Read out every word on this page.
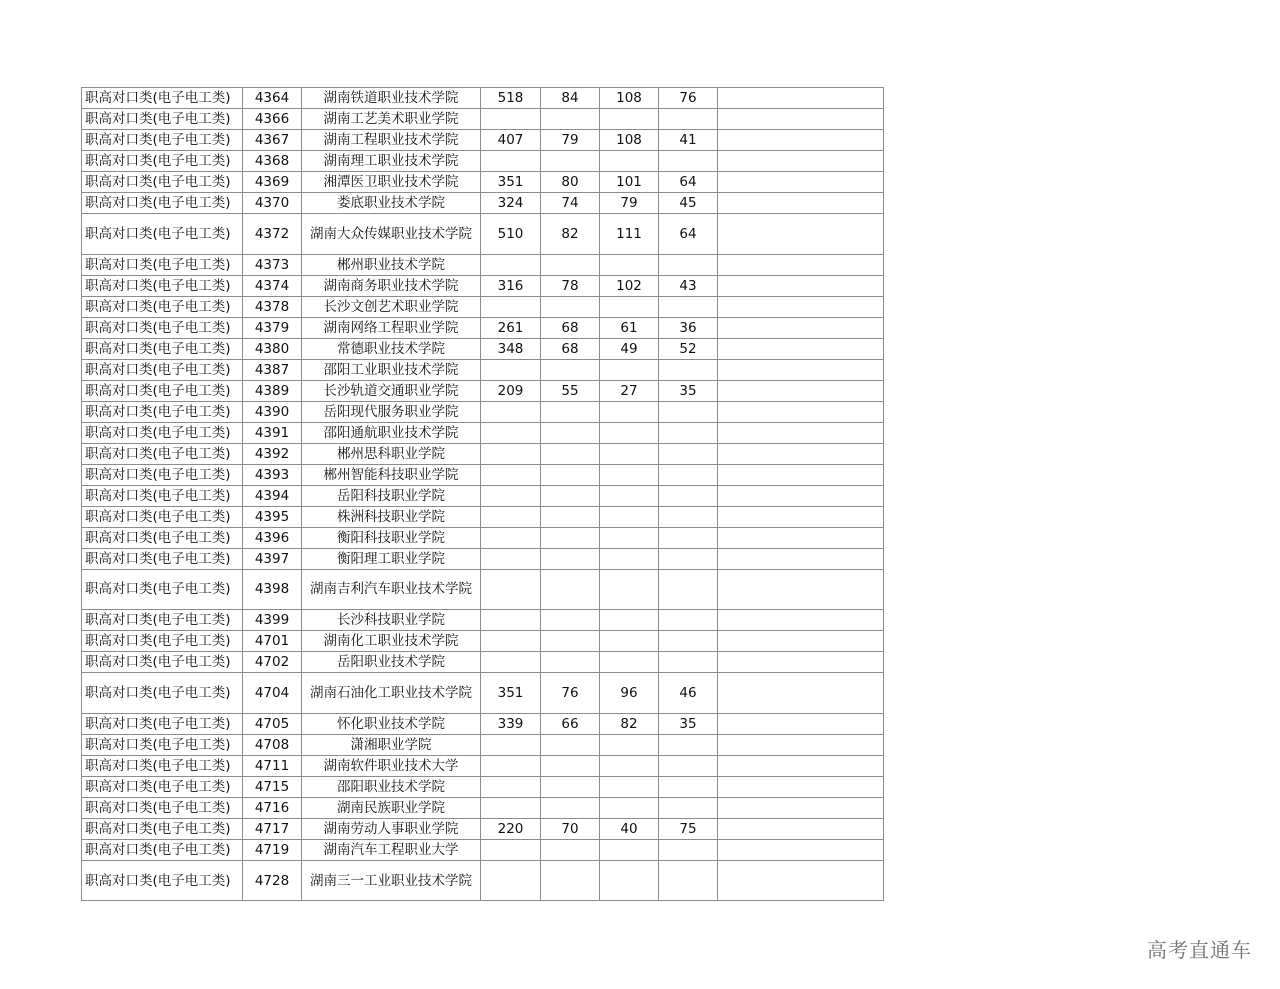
职高对口类(电子电工类)	4364	湖南铁道职业技术学院	518	84	108	76	
职高对口类(电子电工类)	4366	湖南工艺美术职业学院					
职高对口类(电子电工类)	4367	湖南工程职业技术学院	407	79	108	41	
职高对口类(电子电工类)	4368	湖南理工职业技术学院					
职高对口类(电子电工类)	4369	湘潭医卫职业技术学院	351	80	101	64	
职高对口类(电子电工类)	4370	娄底职业技术学院	324	74	79	45	
职高对口类(电子电工类)	4372	湖南大众传媒职业技术学院	510	82	111	64	
职高对口类(电子电工类)	4373	郴州职业技术学院					
职高对口类(电子电工类)	4374	湖南商务职业技术学院	316	78	102	43	
职高对口类(电子电工类)	4378	长沙文创艺术职业学院					
职高对口类(电子电工类)	4379	湖南网络工程职业学院	261	68	61	36	
职高对口类(电子电工类)	4380	常德职业技术学院	348	68	49	52	
职高对口类(电子电工类)	4387	邵阳工业职业技术学院					
职高对口类(电子电工类)	4389	长沙轨道交通职业学院	209	55	27	35	
职高对口类(电子电工类)	4390	岳阳现代服务职业学院					
职高对口类(电子电工类)	4391	邵阳通航职业技术学院					
职高对口类(电子电工类)	4392	郴州思科职业学院					
职高对口类(电子电工类)	4393	郴州智能科技职业学院					
职高对口类(电子电工类)	4394	岳阳科技职业学院					
职高对口类(电子电工类)	4395	株洲科技职业学院					
职高对口类(电子电工类)	4396	衡阳科技职业学院					
职高对口类(电子电工类)	4397	衡阳理工职业学院					
职高对口类(电子电工类)	4398	湖南吉利汽车职业技术学院					
职高对口类(电子电工类)	4399	长沙科技职业学院					
职高对口类(电子电工类)	4701	湖南化工职业技术学院					
职高对口类(电子电工类)	4702	岳阳职业技术学院					
职高对口类(电子电工类)	4704	湖南石油化工职业技术学院	351	76	96	46	
职高对口类(电子电工类)	4705	怀化职业技术学院	339	66	82	35	
职高对口类(电子电工类)	4708	潇湘职业学院					
职高对口类(电子电工类)	4711	湖南软件职业技术大学					
职高对口类(电子电工类)	4715	邵阳职业技术学院					
职高对口类(电子电工类)	4716	湖南民族职业学院					
职高对口类(电子电工类)	4717	湖南劳动人事职业学院	220	70	40	75	
职高对口类(电子电工类)	4719	湖南汽车工程职业大学					
职高对口类(电子电工类)	4728	湖南三一工业职业技术学院					
高考直通车
